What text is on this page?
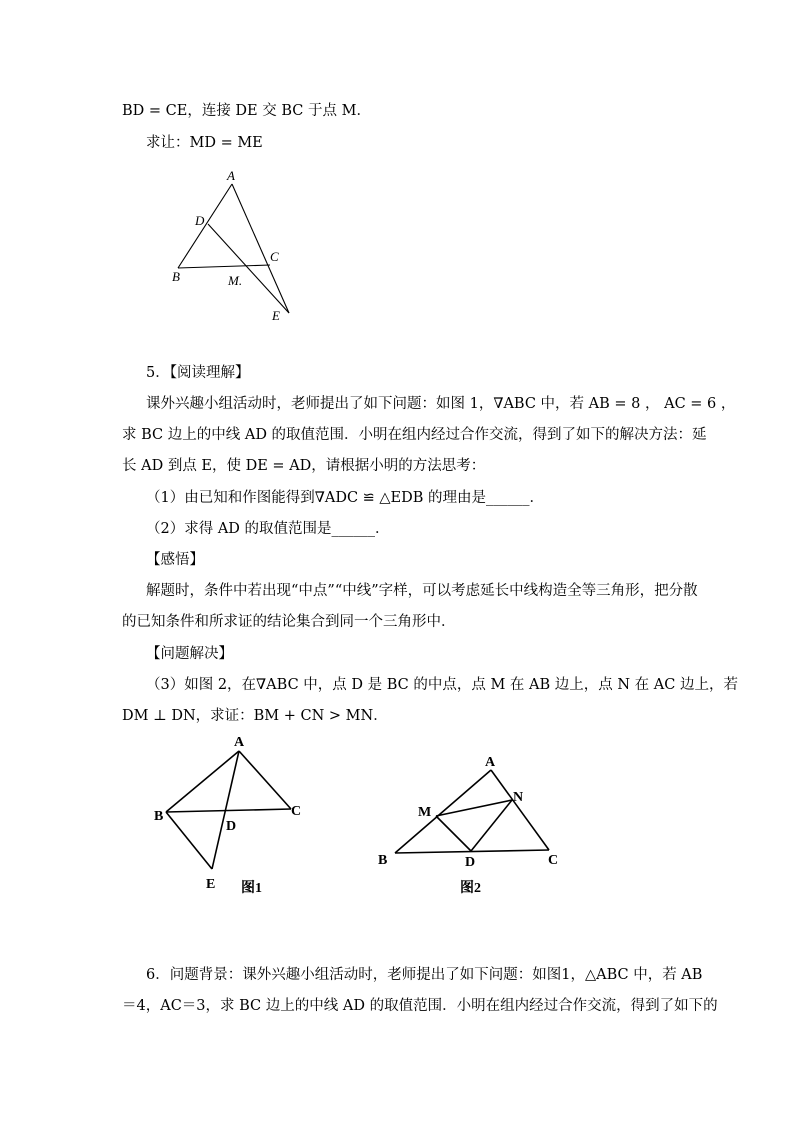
BD = CE，连接 DE 交 BC 于点 M．
求让：MD = ME
A
D
C
B	M.
E
5．【阅读理解】
课外兴趣小组活动时，老师提出了如下问题：如图 1，∇ABC 中，若 AB = 8 ， AC = 6 ，
求 BC 边上的中线 AD 的取值范围．小明在组内经过合作交流，得到了如下的解决方法：延
长 AD 到点 E，使 DE = AD，请根据小明的方法思考：
（1）由已知和作图能得到∇ADC ≌ △EDB 的理由是______．
（2）求得 AD 的取值范围是______．
【感悟】
解题时，条件中若出现“中点”“中线”字样，可以考虑延长中线构造全等三角形，把分散
的已知条件和所求证的结论集合到同一个三角形中．
【问题解决】
（3）如图 2，在∇ABC 中，点 D 是 BC 的中点，点 M 在 AB 边上，点 N 在 AC 边上，若
DM ⊥ DN，求证：BM + CN > MN．
A
B	C
D
E 图1
A
M
N
B	D	C
图2
6．问题背景：课外兴趣小组活动时，老师提出了如下问题：如图1，△ABC 中，若 AB
＝4，AC＝3，求 BC 边上的中线 AD 的取值范围．小明在组内经过合作交流，得到了如下的
